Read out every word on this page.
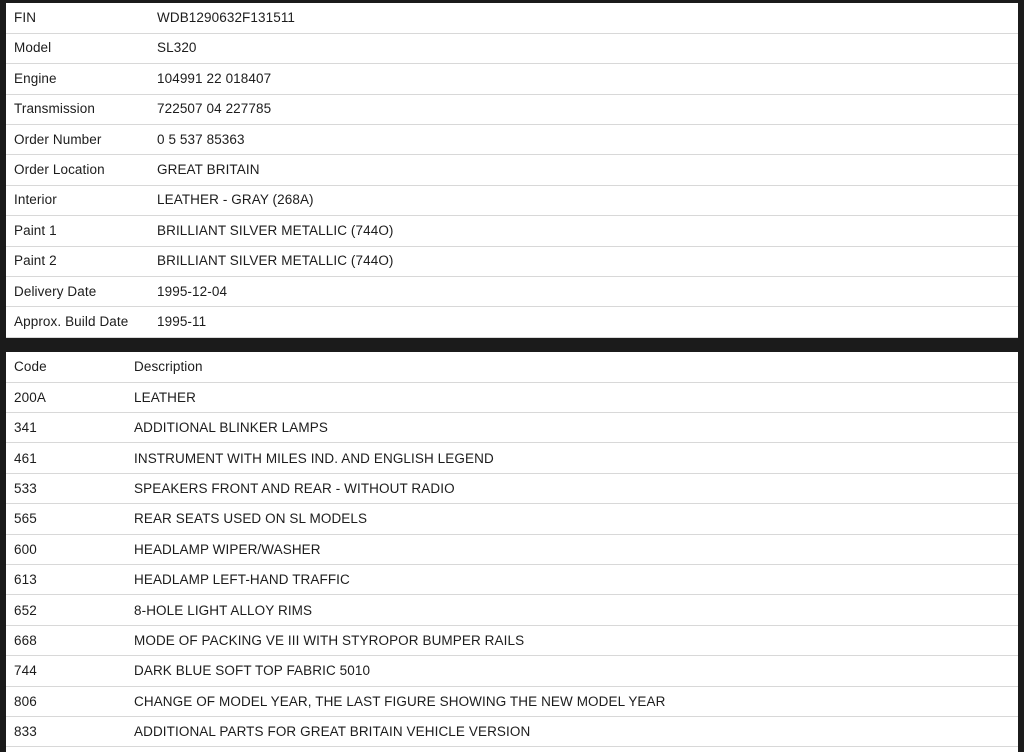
FIN	WDB1290632F131511
Model	SL320
Engine	104991 22 018407
Transmission	722507 04 227785
Order Number	0 5 537 85363
Order Location	GREAT BRITAIN
Interior	LEATHER - GRAY (268A)
Paint 1	BRILLIANT SILVER METALLIC (744O)
Paint 2	BRILLIANT SILVER METALLIC (744O)
Delivery Date	1995-12-04
Approx. Build Date	1995-11
Code	Description
200A	LEATHER
341	ADDITIONAL BLINKER LAMPS
461	INSTRUMENT WITH MILES IND. AND ENGLISH LEGEND
533	SPEAKERS FRONT AND REAR - WITHOUT RADIO
565	REAR SEATS USED ON SL MODELS
600	HEADLAMP WIPER/WASHER
613	HEADLAMP LEFT-HAND TRAFFIC
652	8-HOLE LIGHT ALLOY RIMS
668	MODE OF PACKING VE III WITH STYROPOR BUMPER RAILS
744	DARK BLUE SOFT TOP FABRIC 5010
806	CHANGE OF MODEL YEAR, THE LAST FIGURE SHOWING THE NEW MODEL YEAR
833	ADDITIONAL PARTS FOR GREAT BRITAIN VEHICLE VERSION
